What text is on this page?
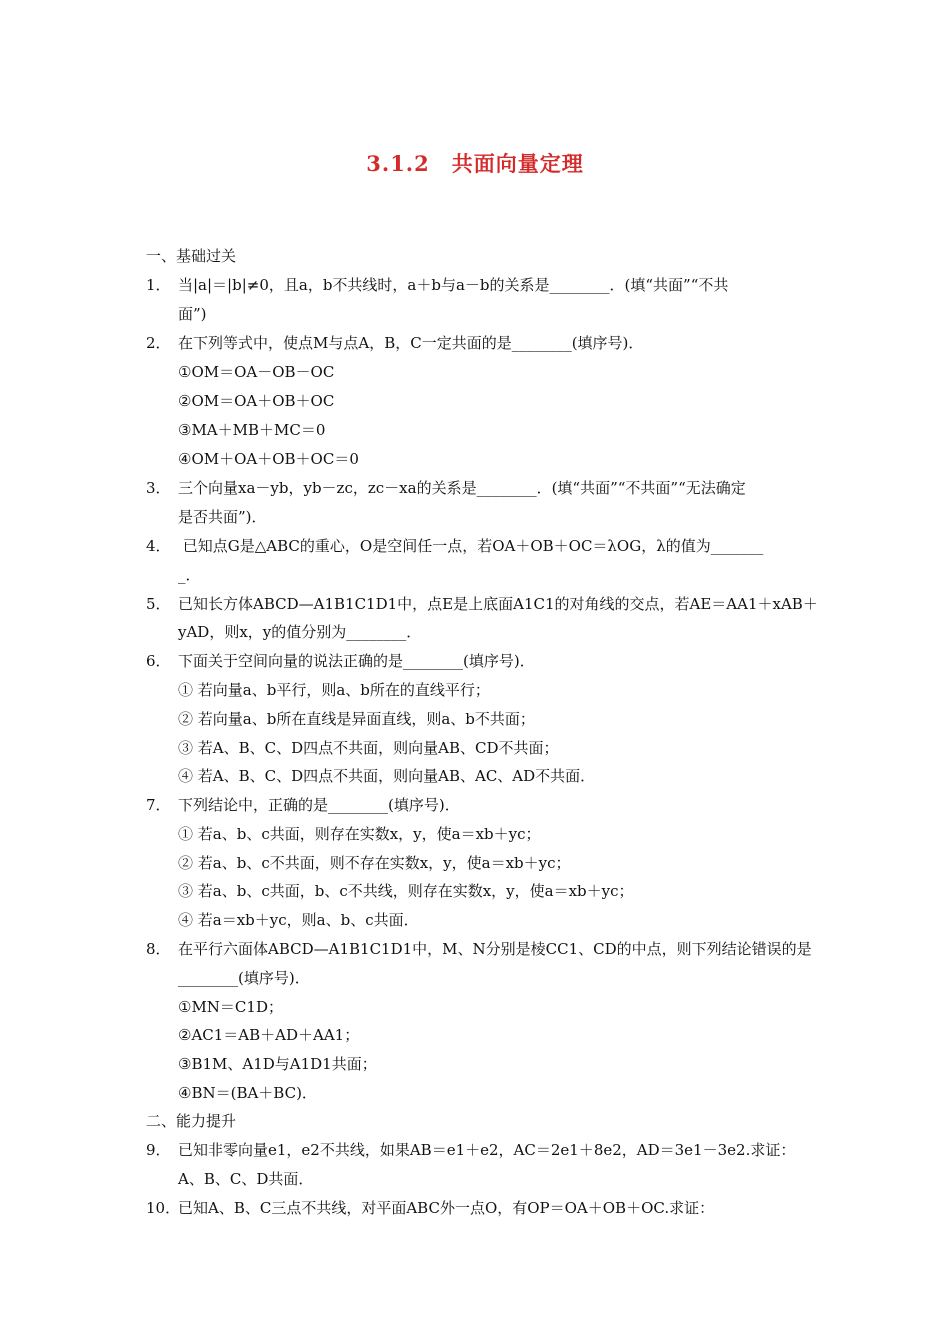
3.1.2　共面向量定理
一、基础过关
1． 当|a|＝|b|≠0，且a，b不共线时，a＋b与a－b的关系是________．(填“共面”“不共
面”)
2． 在下列等式中，使点M与点A，B，C一定共面的是________(填序号)．
①OM＝OA－OB－OC
②OM＝OA＋OB＋OC
③MA＋MB＋MC＝0
④OM＋OA＋OB＋OC＝0
3． 三个向量xa－yb，yb－zc，zc－xa的关系是________．(填“共面”“不共面”“无法确定
是否共面”)．
4． 已知点G是△ABC的重心，O是空间任一点，若OA＋OB＋OC＝λOG，λ的值为_______
_．
5． 已知长方体ABCD—A1B1C1D1中，点E是上底面A1C1的对角线的交点，若AE＝AA1＋xAB＋
yAD，则x，y的值分别为________．
6． 下面关于空间向量的说法正确的是________(填序号)．
① 若向量a、b平行，则a、b所在的直线平行；
② 若向量a、b所在直线是异面直线，则a、b不共面；
③ 若A、B、C、D四点不共面，则向量AB、CD不共面；
④ 若A、B、C、D四点不共面，则向量AB、AC、AD不共面．
7． 下列结论中，正确的是________(填序号)．
① 若a、b、c共面，则存在实数x，y，使a＝xb＋yc；
② 若a、b、c不共面，则不存在实数x，y，使a＝xb＋yc；
③ 若a、b、c共面，b、c不共线，则存在实数x，y，使a＝xb＋yc；
④ 若a＝xb＋yc，则a、b、c共面．
8． 在平行六面体ABCD—A1B1C1D1中，M、N分别是棱CC1、CD的中点，则下列结论错误的是
________(填序号)．
①MN＝C1D；
②AC1＝AB＋AD＋AA1；
③B1M、A1D与A1D1共面；
④BN＝(BA＋BC)．
二、能力提升
9． 已知非零向量e1，e2不共线，如果AB＝e1＋e2，AC＝2e1＋8e2，AD＝3e1－3e2.求证：
A、B、C、D共面．
10．已知A、B、C三点不共线，对平面ABC外一点O，有OP＝OA＋OB＋OC.求证：
